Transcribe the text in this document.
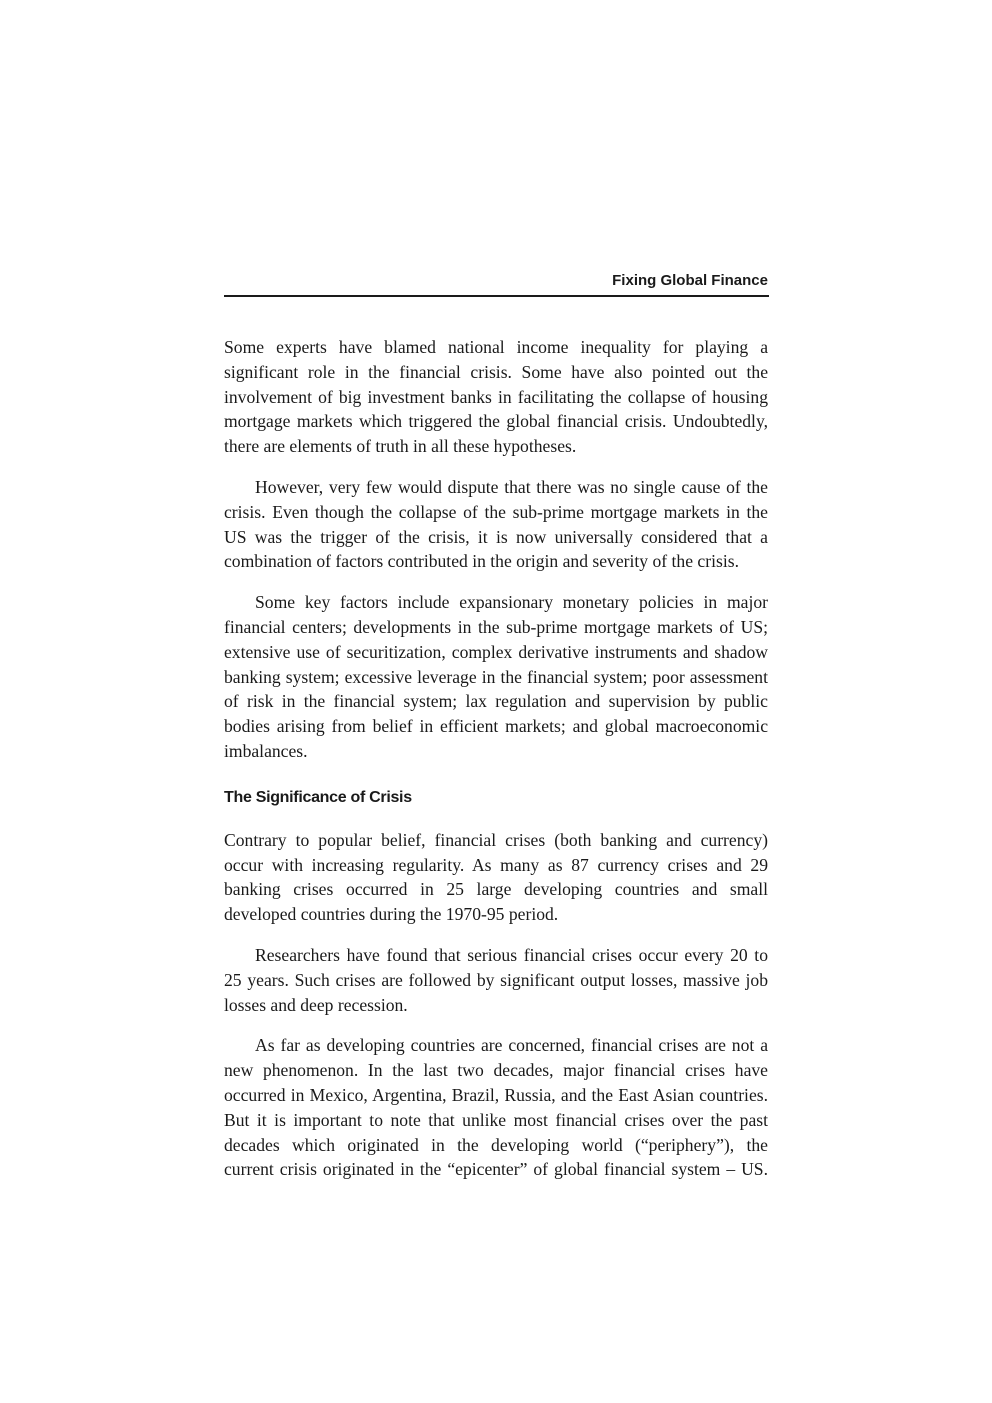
Fixing Global Finance
Some experts have blamed national income inequality for playing a
significant role in the financial crisis. Some have also pointed out the
involvement of big investment banks in facilitating the collapse of housing
mortgage markets which triggered the global financial crisis. Undoubtedly,
there are elements of truth in all these hypotheses.
However, very few would dispute that there was no single cause of the
crisis. Even though the collapse of the sub-prime mortgage markets in the
US was the trigger of the crisis, it is now universally considered that a
combination of factors contributed in the origin and severity of the crisis.
Some key factors include expansionary monetary policies in major
financial centers; developments in the sub-prime mortgage markets of US;
extensive use of securitization, complex derivative instruments and shadow
banking system; excessive leverage in the financial system; poor assessment
of risk in the financial system; lax regulation and supervision by public
bodies arising from belief in efficient markets; and global macroeconomic
imbalances.
The Significance of Crisis
Contrary to popular belief, financial crises (both banking and currency)
occur with increasing regularity. As many as 87 currency crises and 29
banking crises occurred in 25 large developing countries and small
developed countries during the 1970-95 period.
Researchers have found that serious financial crises occur every 20 to
25 years. Such crises are followed by significant output losses, massive job
losses and deep recession.
As far as developing countries are concerned, financial crises are not a
new phenomenon. In the last two decades, major financial crises have
occurred in Mexico, Argentina, Brazil, Russia, and the East Asian countries.
But it is important to note that unlike most financial crises over the past
decades which originated in the developing world (“periphery”), the
current crisis originated in the “epicenter” of global financial system – US.
